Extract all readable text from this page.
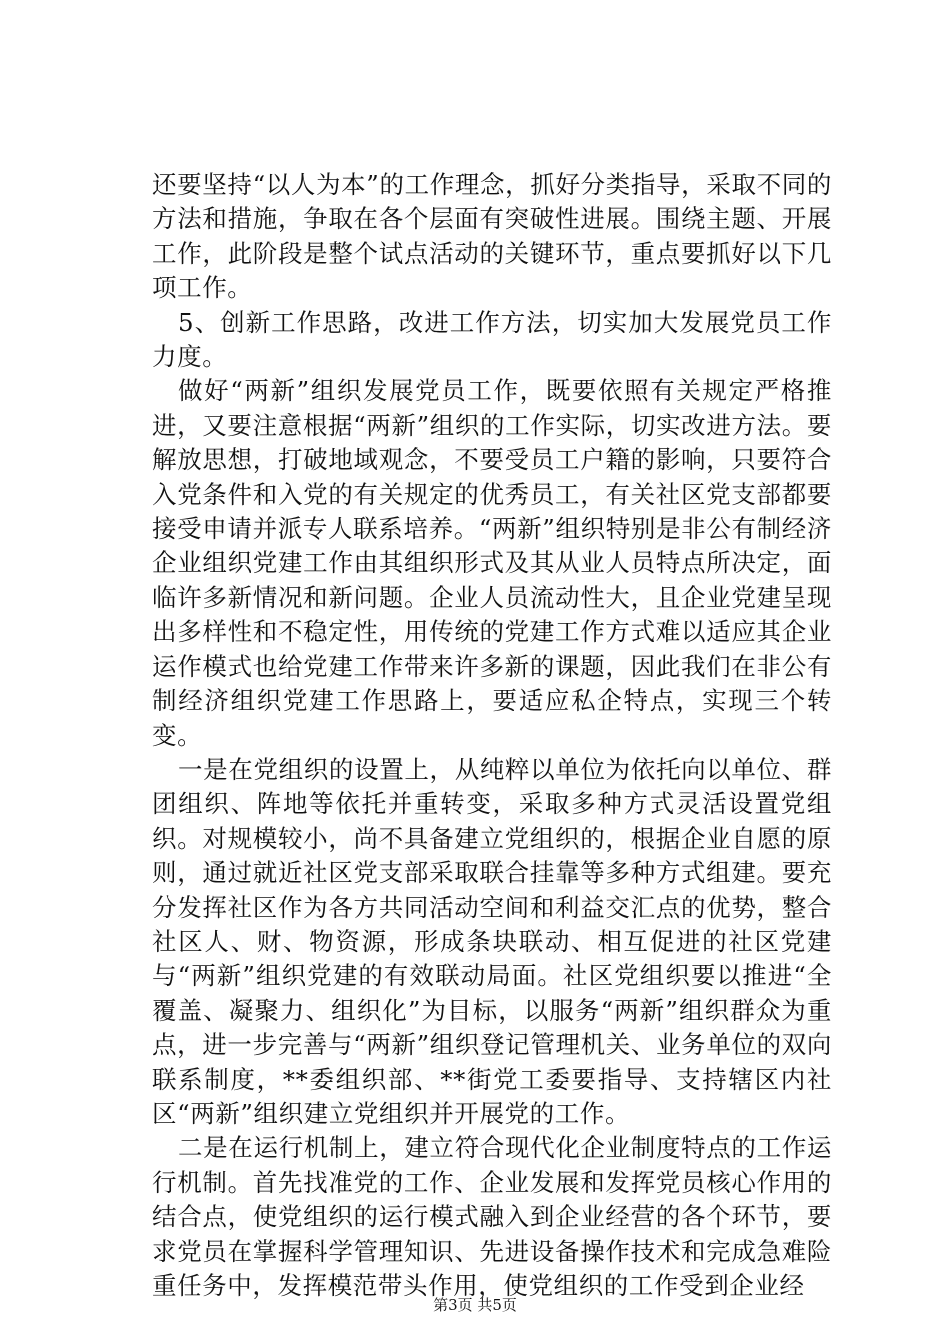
还要坚持“以人为本”的工作理念，抓好分类指导，采取不同的方法和措施，争取在各个层面有突破性进展。围绕主题、开展工作，此阶段是整个试点活动的关键环节，重点要抓好以下几项工作。

5、创新工作思路，改进工作方法，切实加大发展党员工作力度。

做好“两新”组织发展党员工作，既要依照有关规定严格推进，又要注意根据“两新”组织的工作实际，切实改进方法。要解放思想，打破地域观念，不要受员工户籍的影响，只要符合入党条件和入党的有关规定的优秀员工，有关社区党支部都要接受申请并派专人联系培养。“两新”组织特别是非公有制经济企业组织党建工作由其组织形式及其从业人员特点所决定，面临许多新情况和新问题。企业人员流动性大，且企业党建呈现出多样性和不稳定性，用传统的党建工作方式难以适应其企业运作模式也给党建工作带来许多新的课题，因此我们在非公有制经济组织党建工作思路上，要适应私企特点，实现三个转变。

一是在党组织的设置上，从纯粹以单位为依托向以单位、群团组织、阵地等依托并重转变，采取多种方式灵活设置党组织。对规模较小，尚不具备建立党组织的，根据企业自愿的原则，通过就近社区党支部采取联合挂靠等多种方式组建。要充分发挥社区作为各方共同活动空间和利益交汇点的优势，整合社区人、财、物资源，形成条块联动、相互促进的社区党建与“两新”组织党建的有效联动局面。社区党组织要以推进“全覆盖、凝聚力、组织化”为目标，以服务“两新”组织群众为重点，进一步完善与“两新”组织登记管理机关、业务单位的双向联系制度，**委组织部、**街党工委要指导、支持辖区内社区“两新”组织建立党组织并开展党的工作。

二是在运行机制上，建立符合现代化企业制度特点的工作运行机制。首先找准党的工作、企业发展和发挥党员核心作用的结合点，使党组织的运行模式融入到企业经营的各个环节，要求党员在掌握科学管理知识、先进设备操作技术和完成急难险重任务中，发挥模范带头作用，使党组织的工作受到企业经

第3页 共5页
